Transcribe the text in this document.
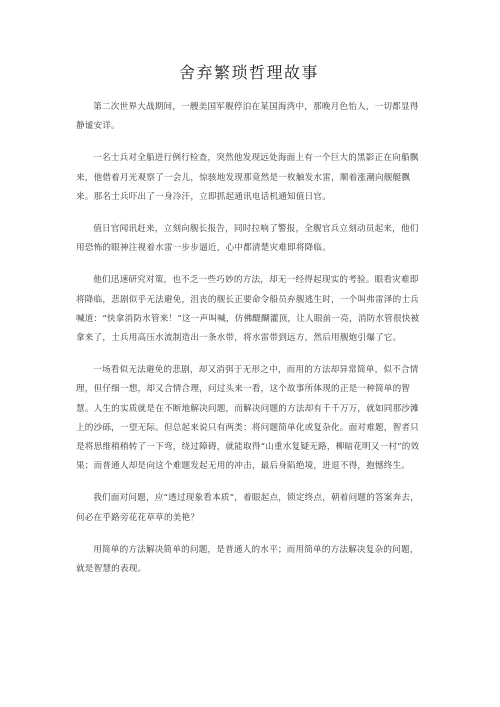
舍弃繁琐哲理故事

第二次世界大战期间，一艘美国军舰停泊在某国海湾中，那晚月色怡人，一切都显得静谧安详。

一名士兵对全船进行例行检查，突然他发现远处海面上有一个巨大的黑影正在向船飘来，他借着月光观察了一会儿，惊骇地发现那竟然是一枚触发水雷，顺着涨潮向舰艇飘来。那名士兵吓出了一身冷汗，立即抓起通讯电话机通知值日官。

值日官闻讯赶来，立刻向舰长报告，同时拉响了警报，全舰官兵立刻动员起来，他们用恐怖的眼神注视着水雷一步步逼近，心中都清楚灾难即将降临。

他们迅速研究对策，也不乏一些巧妙的方法，却无一经得起现实的考验。眼看灾难即将降临，悲剧似乎无法避免，沮丧的舰长正要命令船员弃舰逃生时，一个叫弗雷泽的士兵喊道：“快拿消防水管来！”这一声叫喊，仿佛醍醐灌顶，让人眼前一亮，消防水管很快被拿来了，士兵用高压水流制造出一条水带，将水雷带到远方，然后用舰炮引爆了它。

一场看似无法避免的悲剧，却又消弭于无形之中，而用的方法却异常简单，似不合情理，但仔细一想，却又合情合理，问过头来一看，这个故事所体现的正是一种简单的智慧。人生的实质就是在不断地解决问题，而解决问题的方法却有千千万万，就如同那沙滩上的沙砾，一望无际。但总起来说只有两类：将问题简单化或复杂化。面对难题，智者只是将思维稍稍转了一下弯，绕过障碍，就能取得“山重水复疑无路，柳暗花明又一村”的效果；而普通人却是向这个难题发起无用的冲击，最后身陷绝境，进退不得，抱憾终生。

我们面对问题，应“透过现象看本质”，着眼起点，锁定终点，朝着问题的答案奔去，何必在乎路旁花花草草的美艳？

用简单的方法解决简单的问题，是普通人的水平；而用简单的方法解决复杂的问题，就是智慧的表现。
